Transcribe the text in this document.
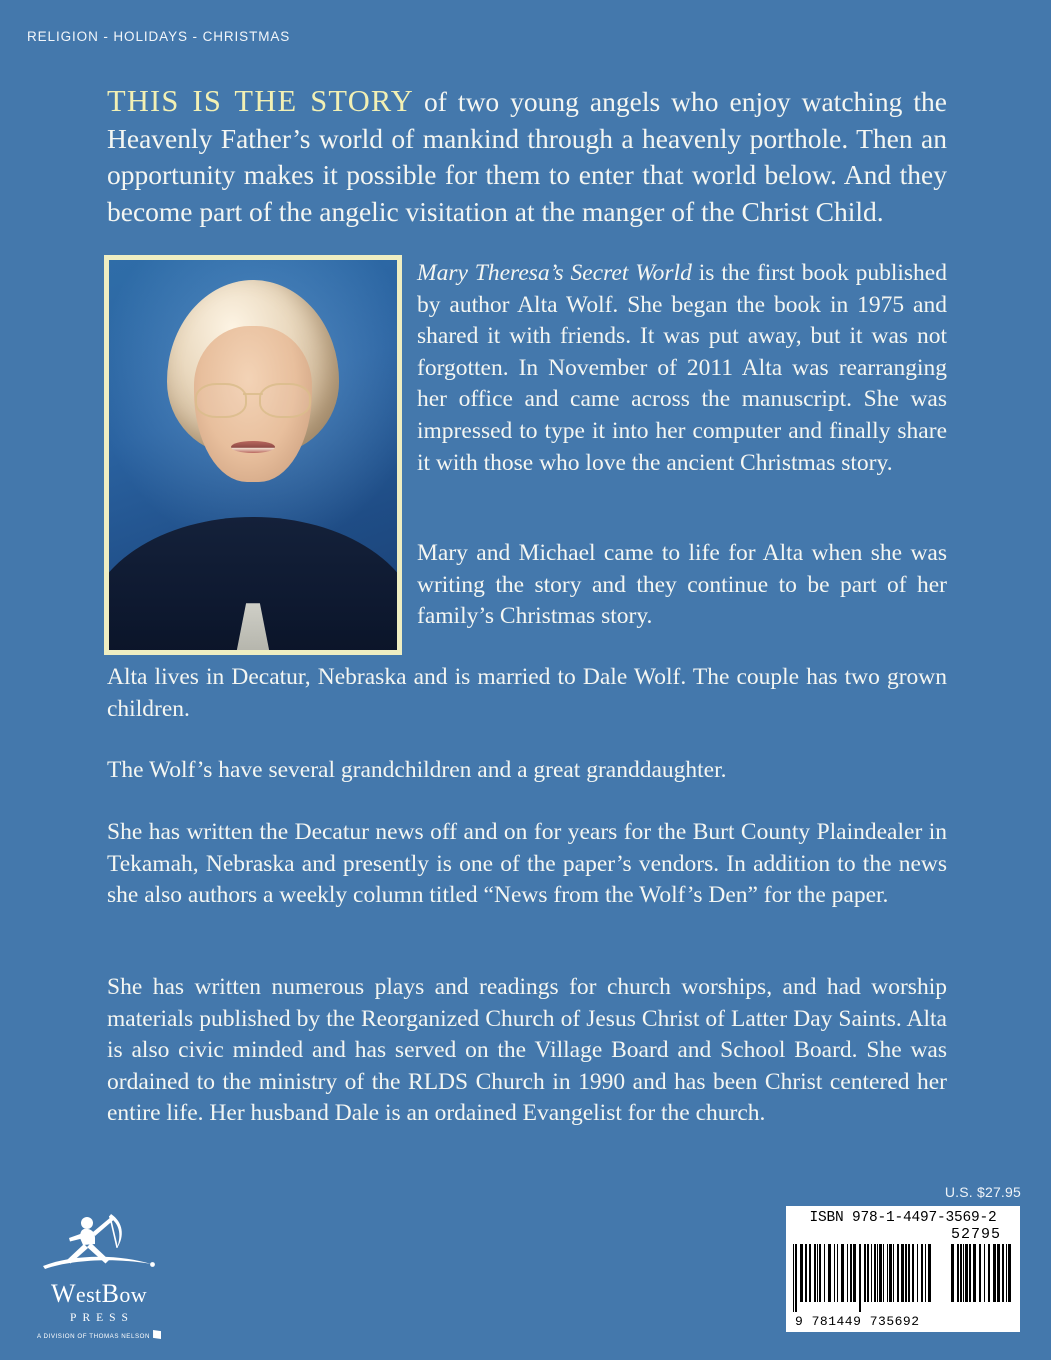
RELIGION - HOLIDAYS - CHRISTMAS
THIS IS THE STORY of two young angels who enjoy watching the Heavenly Father’s world of mankind through a heavenly porthole. Then an opportunity makes it possible for them to enter that world below. And they become part of the angelic visitation at the manger of the Christ Child.
Mary Theresa’s Secret World is the first book published by author Alta Wolf. She began the book in 1975 and shared it with friends. It was put away, but it was not forgotten. In November of 2011 Alta was rearranging her office and came across the manuscript. She was impressed to type it into her computer and finally share it with those who love the ancient Christmas story.
Mary and Michael came to life for Alta when she was writing the story and they continue to be part of her family’s Christmas story.
Alta lives in Decatur, Nebraska and is married to Dale Wolf. The couple has two grown children.
The Wolf’s have several grandchildren and a great granddaughter.
She has written the Decatur news off and on for years for the Burt County Plaindealer in Tekamah, Nebraska and presently is one of the paper’s vendors. In addition to the news she also authors a weekly column titled “News from the Wolf’s Den” for the paper.
She has written numerous plays and readings for church worships, and had worship materials published by the Reorganized Church of Jesus Christ of Latter Day Saints. Alta is also civic minded and has served on the Village Board and School Board. She was ordained to the ministry of the RLDS Church in 1990 and has been Christ centered her entire life. Her husband Dale is an ordained Evangelist for the church.
WestBow
PRESS
A DIVISION OF THOMAS NELSON
U.S. $27.95
ISBN 978-1-4497-3569-2
52795
9 781449 735692
